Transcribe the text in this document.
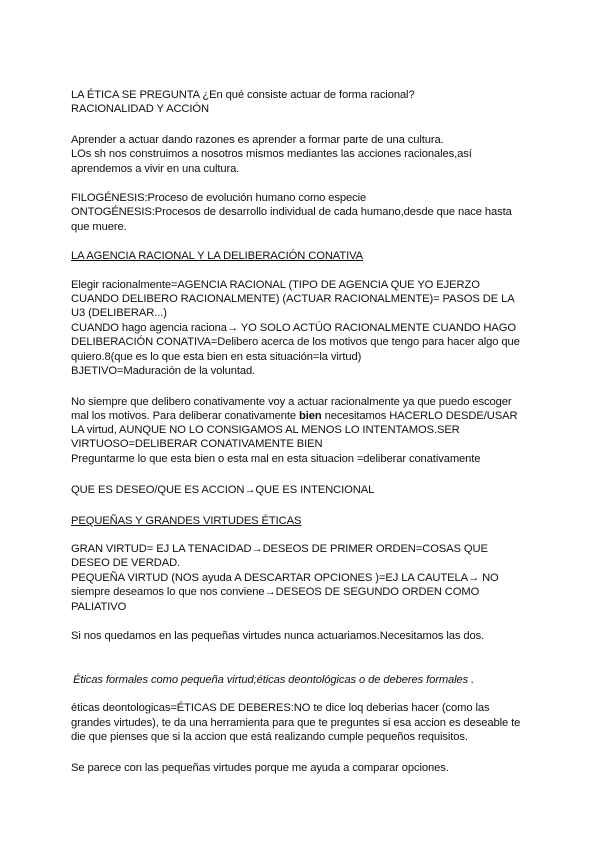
LA ÉTICA SE PREGUNTA ¿En qué consiste actuar de forma racional?
RACIONALIDAD Y ACCIÓN
Aprender a actuar dando razones es aprender a formar parte de una cultura.
LOs sh nos construimos a nosotros mismos mediantes las acciones racionales,así
aprendemos a vivir en una cultura.
FILOGÉNESIS:Proceso de evolución humano como especie
ONTOGÉNESIS:Procesos de desarrollo individual de cada humano,desde que nace hasta
que muere.
LA AGENCIA RACIONAL Y LA DELIBERACIÓN CONATIVA
Elegir racionalmente=AGENCIA RACIONAL (TIPO DE AGENCIA QUE YO EJERZO
CUANDO DELIBERO RACIONALMENTE) (ACTUAR RACIONALMENTE)= PASOS DE LA
U3 (DELIBERAR...)
CUANDO hago agencia raciona→ YO SOLO ACTÚO RACIONALMENTE CUANDO HAGO
DELIBERACIÓN CONATIVA=Delibero acerca de los motivos que tengo para hacer algo que
quiero.8(que es lo que esta bien en esta situación=la virtud)
BJETIVO=Maduración de la voluntad.
No siempre que delibero conativamente voy a actuar racionalmente ya que puedo escoger
mal los motivos. Para deliberar conativamente bien necesitamos HACERLO DESDE/USAR
LA virtud, AUNQUE NO LO CONSIGAMOS AL MENOS LO INTENTAMOS.SER
VIRTUOSO=DELIBERAR CONATIVAMENTE BIEN
Preguntarme lo que esta bien o esta mal en esta situacion =deliberar conativamente
QUE ES DESEO/QUE ES ACCION→QUE ES INTENCIONAL
PEQUEÑAS Y GRANDES VIRTUDES ÉTICAS
GRAN VIRTUD= EJ LA TENACIDAD→DESEOS DE PRIMER ORDEN=COSAS QUE
DESEO DE VERDAD.
PEQUEÑA VIRTUD (NOS ayuda A DESCARTAR OPCIONES )=EJ LA CAUTELA→ NO
siempre deseamos lo que nos conviene→DESEOS DE SEGUNDO ORDEN COMO
PALIATIVO
Si nos quedamos en las pequeñas virtudes nunca actuariamos.Necesitamos las dos.
Éticas formales como pequeña virtud;éticas deontológicas o de deberes formales .
éticas deontologicas=ÉTICAS DE DEBERES:NO te dice loq deberias hacer (como las
grandes virtudes), te da una herramienta para que te preguntes si esa accion es deseable te
die que pienses que si la accion que está realizando cumple pequeños requisitos.
Se parece con las pequeñas virtudes porque me ayuda a comparar opciones.
